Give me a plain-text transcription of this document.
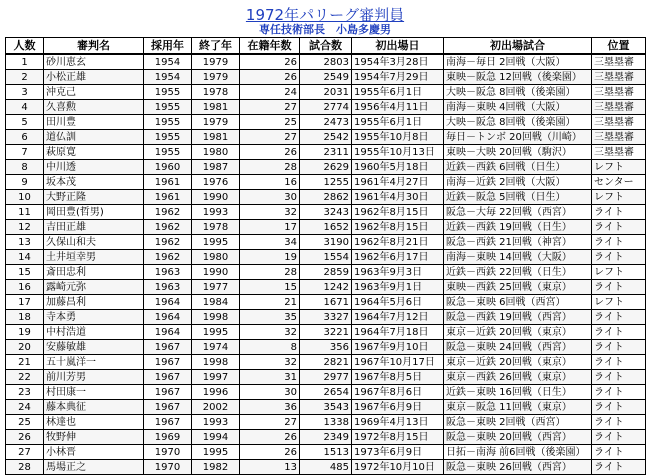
1972年パリーグ審判員
専任技術部長　小島多慶男
人数	審判名	採用年	終了年	在籍年数	試合数	初出場日	初出場試合	位置
1	砂川恵玄	1954	1979	26	2803	1954年3月28日	南海－毎日 2回戦（大阪）	三塁塁審
2	小松正雄	1954	1979	26	2549	1954年7月29日	東映－阪急 12回戦（後楽園）	三塁塁審
3	沖克己	1955	1978	24	2031	1955年6月1日	大映－阪急 8回戦（後楽園）	三塁塁審
4	久喜勲	1955	1981	27	2774	1956年4月11日	南海－東映 4回戦（大阪）	三塁塁審
5	田川豊	1955	1979	25	2473	1955年6月1日	大映－阪急 8回戦（後楽園）	三塁塁審
6	道仏訓	1955	1981	27	2542	1955年10月8日	毎日－トンボ 20回戦（川崎）	三塁塁審
7	萩原寛	1955	1980	26	2311	1955年10月13日	東映－大映 20回戦（駒沢）	三塁塁審
8	中川透	1960	1987	28	2629	1960年5月18日	近鉄－西鉄 6回戦（日生）	レフト
9	坂本茂	1961	1976	16	1255	1961年4月27日	南海－近鉄 2回戦（大阪）	センター
10	大野正隆	1961	1990	30	2862	1961年4月30日	近鉄－阪急 5回戦（日生）	レフト
11	岡田豊(哲男)	1962	1993	32	3243	1962年8月15日	阪急－大毎 22回戦（西宮）	ライト
12	吉田正雄	1962	1978	17	1652	1962年8月15日	近鉄－西鉄 19回戦（日生）	ライト
13	久保山和夫	1962	1995	34	3190	1962年8月21日	阪急－西鉄 21回戦（神宮）	ライト
14	土井垣幸男	1962	1980	19	1554	1962年6月17日	南海－東映 14回戦（大阪）	ライト
15	斎田忠利	1963	1990	28	2859	1963年9月3日	近鉄－西鉄 22回戦（日生）	レフト
16	露崎元弥	1963	1977	15	1242	1963年9月1日	東映－西鉄 25回戦（東京）	ライト
17	加藤昌利	1964	1984	21	1671	1964年5月6日	阪急－東映 6回戦（西宮）	レフト
18	寺本勇	1964	1998	35	3327	1964年7月12日	阪急－西鉄 19回戦（西宮）	ライト
19	中村浩道	1964	1995	32	3221	1964年7月18日	東京－近鉄 20回戦（東京）	ライト
20	安藤敏雄	1967	1974	8	356	1967年9月10日	阪急－東映 24回戦（西宮）	ライト
21	五十嵐洋一	1967	1998	32	2821	1967年10月17日	東京－近鉄 20回戦（東京）	ライト
22	前川芳男	1967	1997	31	2977	1967年8月5日	東京－西鉄 26回戦（東京）	ライト
23	村田康一	1967	1996	30	2654	1967年8月6日	近鉄－東映 16回戦（日生）	ライト
24	藤本典征	1967	2002	36	3543	1967年6月9日	東京－阪急 11回戦（東京）	ライト
25	林達也	1967	1993	27	1338	1969年4月13日	阪急－東映 2回戦（西宮）	ライト
26	牧野伸	1969	1994	26	2349	1972年8月15日	阪急－東映 20回戦（西宮）	ライト
27	小林晋	1970	1995	26	1513	1973年6月9日	日拓－南海 前6回戦（後楽園）	ライト
28	馬場正之	1970	1982	13	485	1972年10月10日	阪急－東映 26回戦（西宮）	ライト
